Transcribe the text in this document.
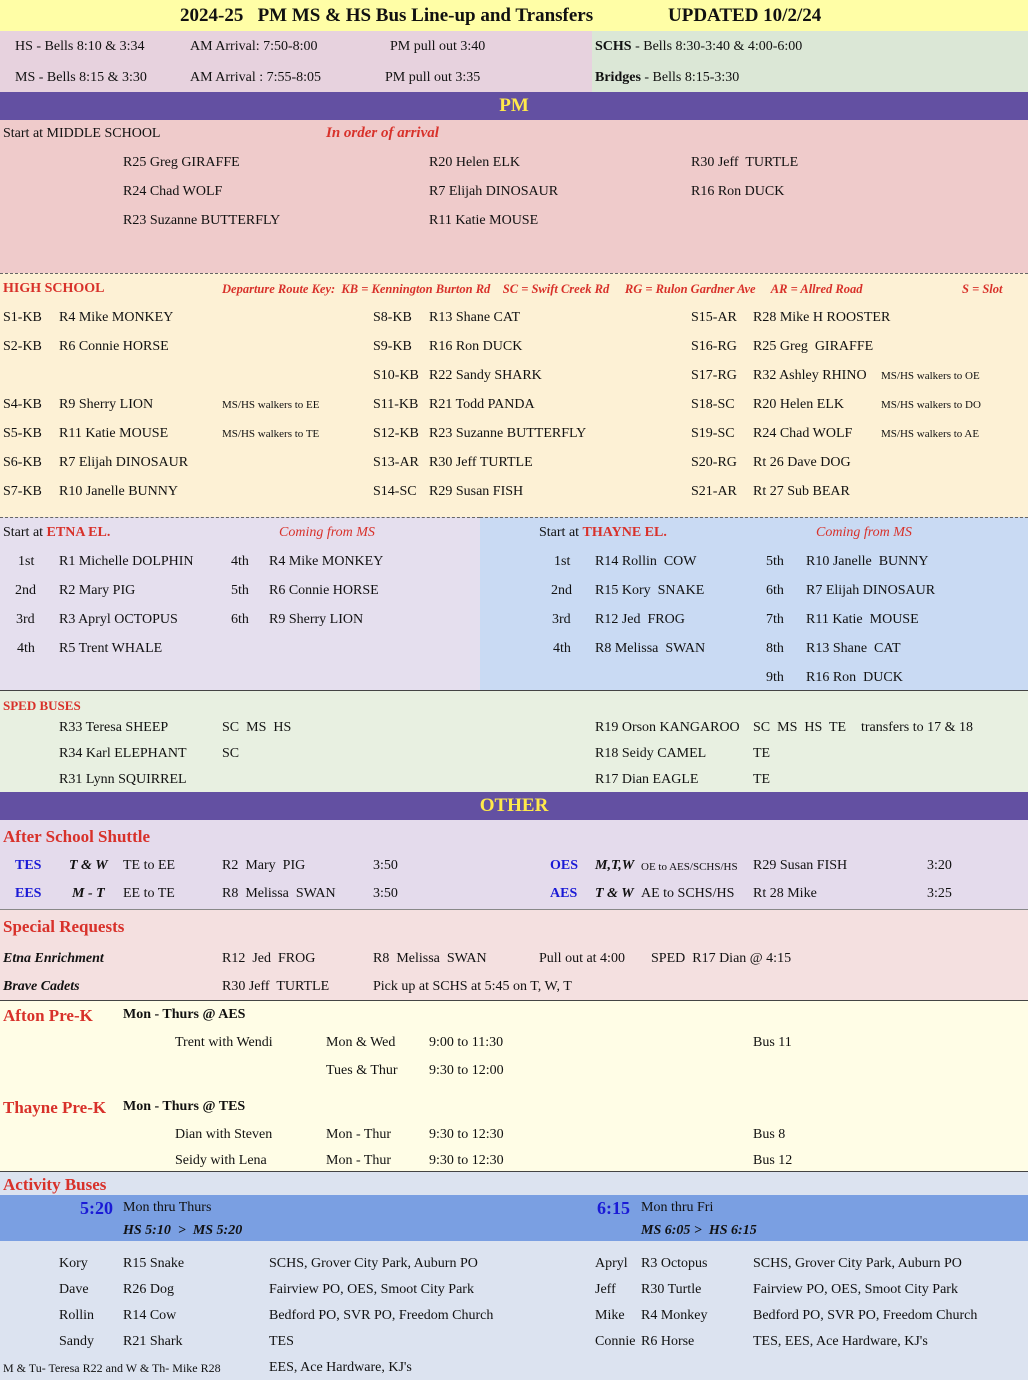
2024-25   PM MS & HS Bus Line-up and Transfers	UPDATED 10/2/24
HS - Bells 8:10 & 3:34	AM Arrival: 7:50-8:00	PM pull out 3:40
MS - Bells 8:15 & 3:30	AM Arrival : 7:55-8:05	PM pull out 3:35
SCHS - Bells 8:30-3:40 & 4:00-6:00
Bridges - Bells 8:15-3:30
PM
Start at MIDDLE SCHOOL	In order of arrival
R25 Greg GIRAFFE
R24 Chad WOLF
R23 Suzanne BUTTERFLY
R20 Helen ELK
R7 Elijah DINOSAUR
R11 Katie MOUSE
R30 Jeff  TURTLE
R16 Ron DUCK
HIGH SCHOOL	Departure Route Key:  KB = Kennington Burton Rd    SC = Swift Creek Rd     RG = Rulon Gardner Ave     AR = Allred Road	S = Slot
S1-KB R4 Mike MONKEY
S2-KB R6 Connie HORSE
S4-KB R9 Sherry LION	MS/HS walkers to EE
S5-KB R11 Katie MOUSE	MS/HS walkers to TE
S6-KB R7 Elijah DINOSAUR
S7-KB R10 Janelle BUNNY
S8-KB R13 Shane CAT
S9-KB R16 Ron DUCK
S10-KB R22 Sandy SHARK
S11-KB R21 Todd PANDA
S12-KB R23 Suzanne BUTTERFLY
S13-AR R30 Jeff TURTLE
S14-SC R29 Susan FISH
S15-AR R28 Mike H ROOSTER
S16-RG R25 Greg  GIRAFFE
S17-RG R32 Ashley RHINO MS/HS walkers to OE
S18-SC R20 Helen ELK	MS/HS walkers to DO
S19-SC R24 Chad WOLF	MS/HS walkers to AE
S20-RG Rt 26 Dave DOG
S21-AR Rt 27 Sub BEAR
Start at ETNA EL.	Coming from MS
1st R1 Michelle DOLPHIN
2nd R2 Mary PIG
3rd R3 Apryl OCTOPUS
4th R5 Trent WHALE
4th R4 Mike MONKEY
5th R6 Connie HORSE
6th R9 Sherry LION
Start at THAYNE EL.	Coming from MS
1st R14 Rollin  COW
2nd R15 Kory  SNAKE
3rd R12 Jed  FROG
4th R8 Melissa  SWAN
5th R10 Janelle  BUNNY
6th R7 Elijah DINOSAUR
7th R11 Katie  MOUSE
8th R13 Shane  CAT
9th R16 Ron  DUCK
SPED BUSES
R33 Teresa SHEEP	SC  MS  HS
R34 Karl ELEPHANT	SC
R31 Lynn SQUIRREL
R19 Orson KANGAROO SC  MS  HS  TE transfers to 17 & 18
R18 Seidy CAMEL	TE
R17 Dian EAGLE	TE
OTHER
After School Shuttle
TES T & W TE to EE	R2  Mary  PIG	3:50
EES M - T EE to TE	R8  Melissa  SWAN	3:50
OES M,T,W OE to AES/SCHS/HS R29 Susan FISH	3:20
AES T & W AE to SCHS/HS Rt 28 Mike	3:25
Special Requests
Etna Enrichment	R12  Jed  FROG	R8  Melissa  SWAN	Pull out at 4:00 SPED  R17 Dian @ 4:15
Brave Cadets	R30 Jeff  TURTLE	Pick up at SCHS at 5:45 on T, W, T
Afton Pre-K Mon - Thurs @ AES
Trent with Wendi	Mon & Wed 9:00 to 11:30	Bus 11
Tues & Thur 9:30 to 12:00
Thayne Pre-K Mon - Thurs @ TES
Dian with Steven	Mon - Thur	9:30 to 12:30	Bus 8
Seidy with Lena	Mon - Thur	9:30 to 12:30	Bus 12
Activity Buses
5:20 Mon thru Thurs
HS 5:10  >  MS 5:20
6:15 Mon thru Fri
MS 6:05 >  HS 6:15
Kory	R15 Snake	SCHS, Grover City Park, Auburn PO
Dave R26 Dog	Fairview PO, OES, Smoot City Park
Rollin R14 Cow	Bedford PO, SVR PO, Freedom Church
Sandy R21 Shark	TES
M & Tu- Teresa R22 and W & Th- Mike R28	EES, Ace Hardware, KJ's
Apryl R3 Octopus	SCHS, Grover City Park, Auburn PO
Jeff R30 Turtle	Fairview PO, OES, Smoot City Park
Mike R4 Monkey	Bedford PO, SVR PO, Freedom Church
Connie R6 Horse	TES, EES, Ace Hardware, KJ's
